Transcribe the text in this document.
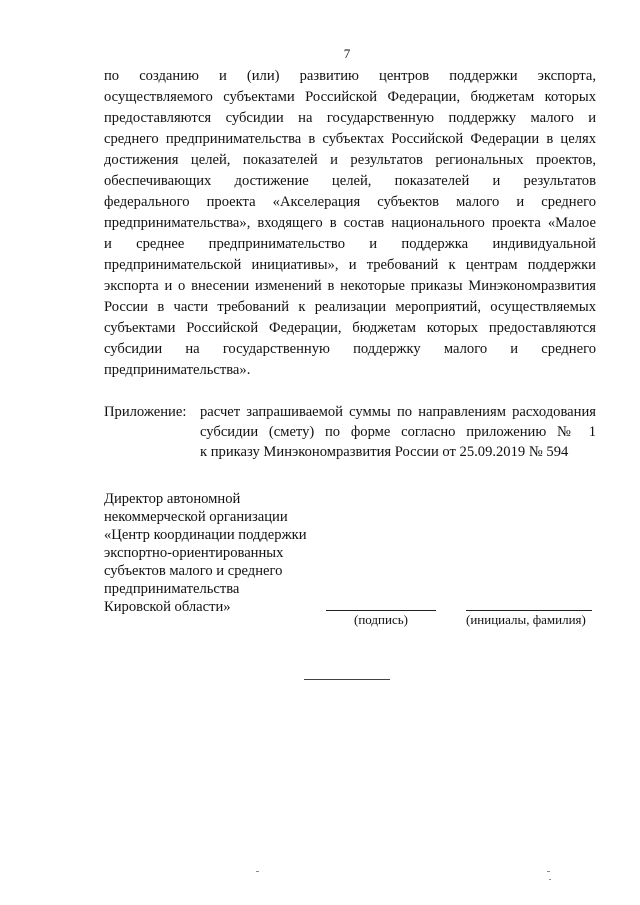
7
по созданию и (или) развитию центров поддержки экспорта,
осуществляемого субъектами Российской Федерации, бюджетам которых
предоставляются субсидии на государственную поддержку малого и
среднего предпринимательства в субъектах Российской Федерации в целях
достижения целей, показателей и результатов региональных проектов,
обеспечивающих достижение целей, показателей и результатов
федерального проекта «Акселерация субъектов малого и среднего
предпринимательства», входящего в состав национального проекта «Малое
и среднее предпринимательство и поддержка индивидуальной
предпринимательской инициативы», и требований к центрам поддержки
экспорта и о внесении изменений в некоторые приказы Минэкономразвития
России в части требований к реализации мероприятий, осуществляемых
субъектами Российской Федерации, бюджетам которых предоставляются
субсидии на государственную поддержку малого и среднего
предпринимательства».
Приложение: расчет запрашиваемой суммы по направлениям расходования
субсидии (смету) по форме согласно приложению № 1
к приказу Минэкономразвития России от 25.09.2019 № 594
Директор автономной
некоммерческой организации
«Центр координации поддержки
экспортно-ориентированных
субъектов малого и среднего
предпринимательства
Кировской области»
(подпись)	(инициалы, фамилия)
